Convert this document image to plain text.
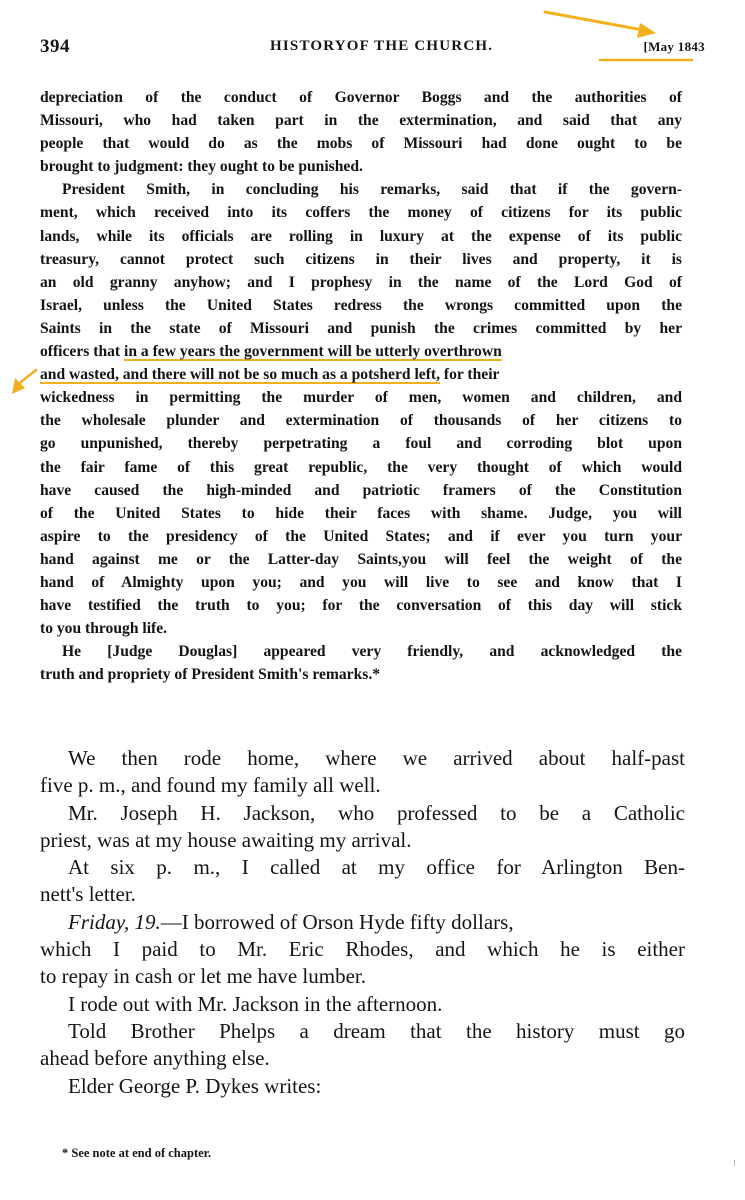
394	HISTORYOF THE CHURCH.	[May 1843
depreciation of the conduct of Governor Boggs and the authorities of
Missouri, who had taken part in the extermination, and said that any
people that would do as the mobs of Missouri had done ought to be
brought to judgment: they ought to be punished.
President Smith, in concluding his remarks, said that if the govern-
ment, which received into its coffers the money of citizens for its public
lands, while its officials are rolling in luxury at the expense of its public
treasury, cannot protect such citizens in their lives and property, it is
an old granny anyhow; and I prophesy in the name of the Lord God of
Israel, unless the United States redress the wrongs committed upon the
Saints in the state of Missouri and punish the crimes committed by her
officers that in a few years the government will be utterly overthrown
and wasted, and there will not be so much as a potsherd left, for their
wickedness in permitting the murder of men, women and children, and
the wholesale plunder and extermination of thousands of her citizens to
go unpunished, thereby perpetrating a foul and corroding blot upon
the fair fame of this great republic, the very thought of which would
have caused the high-minded and patriotic framers of the Constitution
of the United States to hide their faces with shame. Judge, you will
aspire to the presidency of the United States; and if ever you turn your
hand against me or the Latter-day Saints,you will feel the weight of the
hand of Almighty upon you; and you will live to see and know that I
have testified the truth to you; for the conversation of this day will stick
to you through life.
He [Judge Douglas] appeared very friendly, and acknowledged the
truth and propriety of President Smith's remarks.*
We then rode home, where we arrived about half-past
five p. m., and found my family all well.
Mr. Joseph H. Jackson, who professed to be a Catholic
priest, was at my house awaiting my arrival.
At six p. m., I called at my office for Arlington Ben-
nett's letter.
Friday, 19.—I borrowed of Orson Hyde fifty dollars,
which I paid to Mr. Eric Rhodes, and which he is either
to repay in cash or let me have lumber.
I rode out with Mr. Jackson in the afternoon.
Told Brother Phelps a dream that the history must go
ahead before anything else.
Elder George P. Dykes writes:
* See note at end of chapter.
⁝
